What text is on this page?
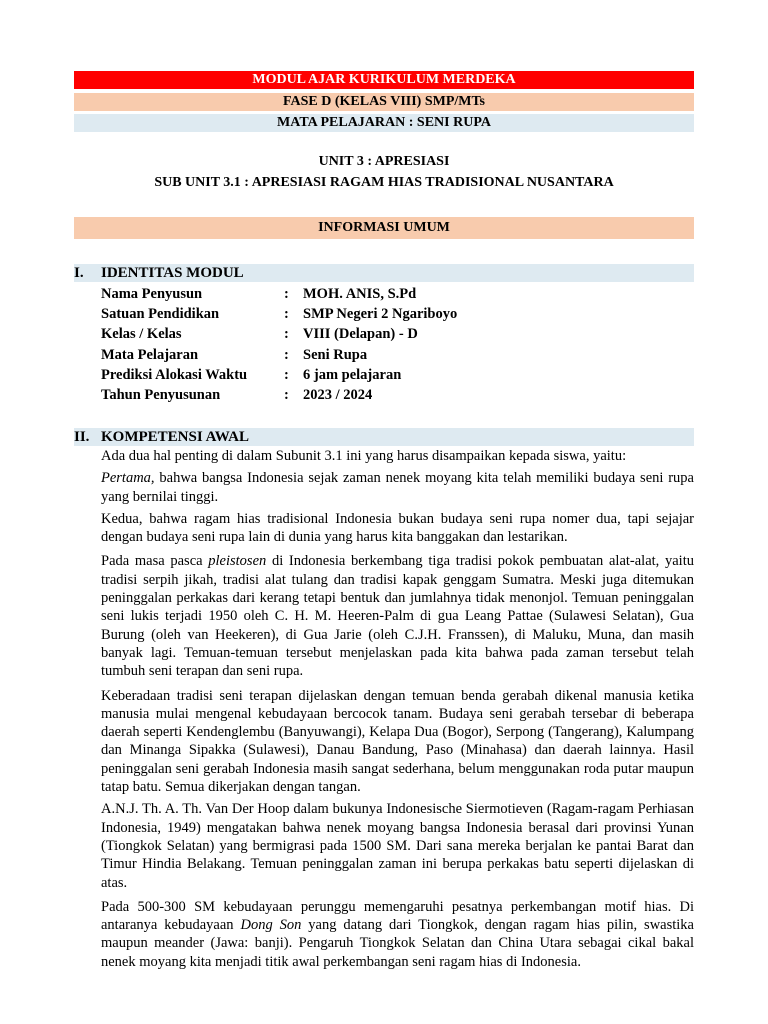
MODUL AJAR KURIKULUM MERDEKA
FASE D (KELAS VIII) SMP/MTs
MATA PELAJARAN : SENI RUPA
UNIT 3 : APRESIASI
SUB UNIT 3.1 : APRESIASI RAGAM HIAS TRADISIONAL NUSANTARA
INFORMASI UMUM
I. IDENTITAS MODUL
Nama Penyusun	: MOH. ANIS, S.Pd
Satuan Pendidikan	: SMP Negeri 2 Ngariboyo
Kelas / Kelas	: VIII (Delapan) - D
Mata Pelajaran	: Seni Rupa
Prediksi Alokasi Waktu	: 6 jam pelajaran
Tahun Penyusunan	: 2023 / 2024
II. KOMPETENSI AWAL

Ada dua hal penting di dalam Subunit 3.1 ini yang harus disampaikan kepada siswa, yaitu:

Pertama, bahwa bangsa Indonesia sejak zaman nenek moyang kita telah memiliki budaya seni rupa yang bernilai tinggi.

Kedua, bahwa ragam hias tradisional Indonesia bukan budaya seni rupa nomer dua, tapi sejajar dengan budaya seni rupa lain di dunia yang harus kita banggakan dan lestarikan.

Pada masa pasca pleistosen di Indonesia berkembang tiga tradisi pokok pembuatan alat-alat, yaitu tradisi serpih jikah, tradisi alat tulang dan tradisi kapak genggam Sumatra. Meski juga ditemukan peninggalan perkakas dari kerang tetapi bentuk dan jumlahnya tidak menonjol. Temuan peninggalan seni lukis terjadi 1950 oleh C. H. M. Heeren-Palm di gua Leang Pattae (Sulawesi Selatan), Gua Burung (oleh van Heekeren), di Gua Jarie (oleh C.J.H. Franssen), di Maluku, Muna, dan masih banyak lagi. Temuan-temuan tersebut menjelaskan pada kita bahwa pada zaman tersebut telah tumbuh seni terapan dan seni rupa.

Keberadaan tradisi seni terapan dijelaskan dengan temuan benda gerabah dikenal manusia ketika manusia mulai mengenal kebudayaan bercocok tanam. Budaya seni gerabah tersebar di beberapa daerah seperti Kendenglembu (Banyuwangi), Kelapa Dua (Bogor), Serpong (Tangerang), Kalumpang dan Minanga Sipakka (Sulawesi), Danau Bandung, Paso (Minahasa) dan daerah lainnya. Hasil peninggalan seni gerabah Indonesia masih sangat sederhana, belum menggunakan roda putar maupun tatap batu. Semua dikerjakan dengan tangan.

A.N.J. Th. A. Th. Van Der Hoop dalam bukunya Indonesische Siermotieven (Ragam-ragam Perhiasan Indonesia, 1949) mengatakan bahwa nenek moyang bangsa Indonesia berasal dari provinsi Yunan (Tiongkok Selatan) yang bermigrasi pada 1500 SM. Dari sana mereka berjalan ke pantai Barat dan Timur Hindia Belakang. Temuan peninggalan zaman ini berupa perkakas batu seperti dijelaskan di atas.

Pada 500-300 SM kebudayaan perunggu memengaruhi pesatnya perkembangan motif hias. Di antaranya kebudayaan Dong Son yang datang dari Tiongkok, dengan ragam hias pilin, swastika maupun meander (Jawa: banji). Pengaruh Tiongkok Selatan dan China Utara sebagai cikal bakal nenek moyang kita menjadi titik awal perkembangan seni ragam hias di Indonesia.
